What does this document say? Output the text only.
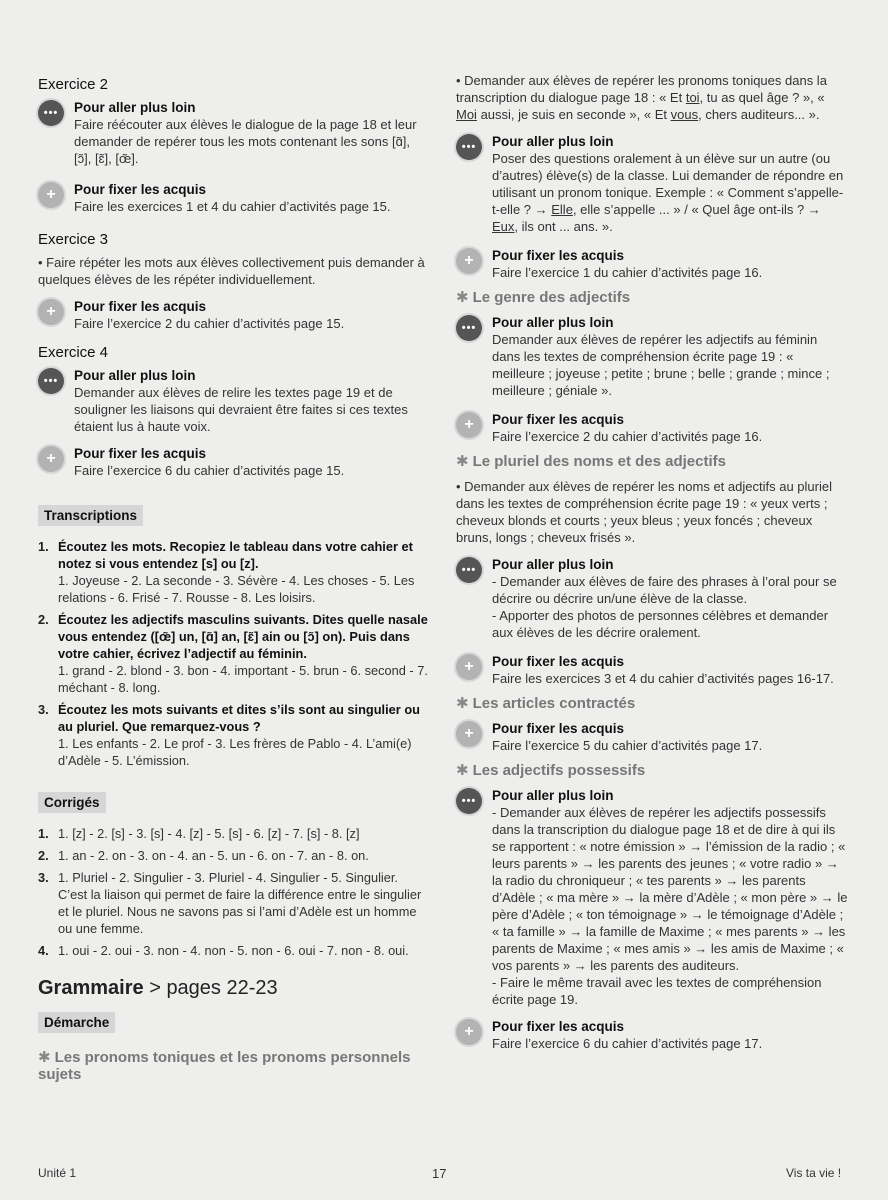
Exercice 2
•••	Pour aller plus loin
Faire réécouter aux élèves le dialogue de la page 18 et leur demander de repérer tous les mots contenant les sons [ɑ̃], [ɔ̃], [ɛ̃], [œ̃].
+	Pour fixer les acquis
Faire les exercices 1 et 4 du cahier d’activités page 15.
Exercice 3
• Faire répéter les mots aux élèves collectivement puis demander à quelques élèves de les répéter individuellement.
+	Pour fixer les acquis
Faire l’exercice 2 du cahier d’activités page 15.
Exercice 4
•••	Pour aller plus loin
Demander aux élèves de relire les textes page 19 et de souligner les liaisons qui devraient être faites si ces textes étaient lus à haute voix.
+	Pour fixer les acquis
Faire l’exercice 6 du cahier d’activités page 15.
Transcriptions
1. Écoutez les mots. Recopiez le tableau dans votre cahier et notez si vous entendez [s] ou [z].
1. Joyeuse - 2. La seconde - 3. Sévère - 4. Les choses - 5. Les relations - 6. Frisé - 7. Rousse - 8. Les loisirs.
2. Écoutez les adjectifs masculins suivants. Dites quelle nasale vous entendez ([œ̃] un, [ɑ̃] an, [ɛ̃] ain ou [ɔ̃] on). Puis dans votre cahier, écrivez l’adjectif au féminin.
1. grand - 2. blond - 3. bon - 4. important - 5. brun - 6. second - 7. méchant - 8. long.
3. Écoutez les mots suivants et dites s’ils sont au singulier ou au pluriel. Que remarquez-vous ?
1. Les enfants - 2. Le prof - 3. Les frères de Pablo - 4. L’ami(e) d’Adèle - 5. L’émission.
Corrigés
1. 1. [z] - 2. [s] - 3. [s] - 4. [z] - 5. [s] - 6. [z] - 7. [s] - 8. [z]
2. 1. an - 2. on - 3. on - 4. an - 5. un - 6. on - 7. an - 8. on.
3. 1. Pluriel - 2. Singulier - 3. Pluriel - 4. Singulier - 5. Singulier. C’est la liaison qui permet de faire la différence entre le singulier et le pluriel. Nous ne savons pas si l’ami d’Adèle est un homme ou une femme.
4. 1. oui - 2. oui - 3. non - 4. non - 5. non - 6. oui - 7. non - 8. oui.
Grammaire > pages 22-23
Démarche
✱ Les pronoms toniques et les pronoms personnels sujets
• Demander aux élèves de repérer les pronoms toniques dans la transcription du dialogue page 18 : « Et toi, tu as quel âge ? », « Moi aussi, je suis en seconde », « Et vous, chers auditeurs... ».
•••	Pour aller plus loin
Poser des questions oralement à un élève sur un autre (ou d’autres) élève(s) de la classe. Lui demander de répondre en utilisant un pronom tonique. Exemple : « Comment s’appelle-t-elle ? → Elle, elle s’appelle ... » / « Quel âge ont-ils ? → Eux, ils ont ... ans. ».
+	Pour fixer les acquis
Faire l’exercice 1 du cahier d’activités page 16.
✱ Le genre des adjectifs
•••	Pour aller plus loin
Demander aux élèves de repérer les adjectifs au féminin dans les textes de compréhension écrite page 19 : « meilleure ; joyeuse ; petite ; brune ; belle ; grande ; mince ; meilleure ; géniale ».
+	Pour fixer les acquis
Faire l’exercice 2 du cahier d’activités page 16.
✱ Le pluriel des noms et des adjectifs
• Demander aux élèves de repérer les noms et adjectifs au pluriel dans les textes de compréhension écrite page 19 : « yeux verts ; cheveux blonds et courts ; yeux bleus ; yeux foncés ; cheveux bruns, longs ; cheveux frisés ».
•••	Pour aller plus loin
- Demander aux élèves de faire des phrases à l’oral pour se décrire ou décrire un/une élève de la classe.
- Apporter des photos de personnes célèbres et demander aux élèves de les décrire oralement.
+	Pour fixer les acquis
Faire les exercices 3 et 4 du cahier d’activités pages 16-17.
✱ Les articles contractés
+	Pour fixer les acquis
Faire l’exercice 5 du cahier d’activités page 17.
✱ Les adjectifs possessifs
•••	Pour aller plus loin
- Demander aux élèves de repérer les adjectifs possessifs dans la transcription du dialogue page 18 et de dire à qui ils se rapportent : « notre émission » → l’émission de la radio ; « leurs parents » → les parents des jeunes ; « votre radio » → la radio du chroniqueur ; « tes parents » → les parents d’Adèle ; « ma mère » → la mère d’Adèle ; « mon père » → le père d’Adèle ; « ton témoignage » → le témoignage d’Adèle ; « ta famille » → la famille de Maxime ; « mes parents » → les parents de Maxime ; « mes amis » → les amis de Maxime ; « vos parents » → les parents des auditeurs.
- Faire le même travail avec les textes de compréhension écrite page 19.
+	Pour fixer les acquis
Faire l’exercice 6 du cahier d’activités page 17.
Unité 1	17	Vis ta vie !
